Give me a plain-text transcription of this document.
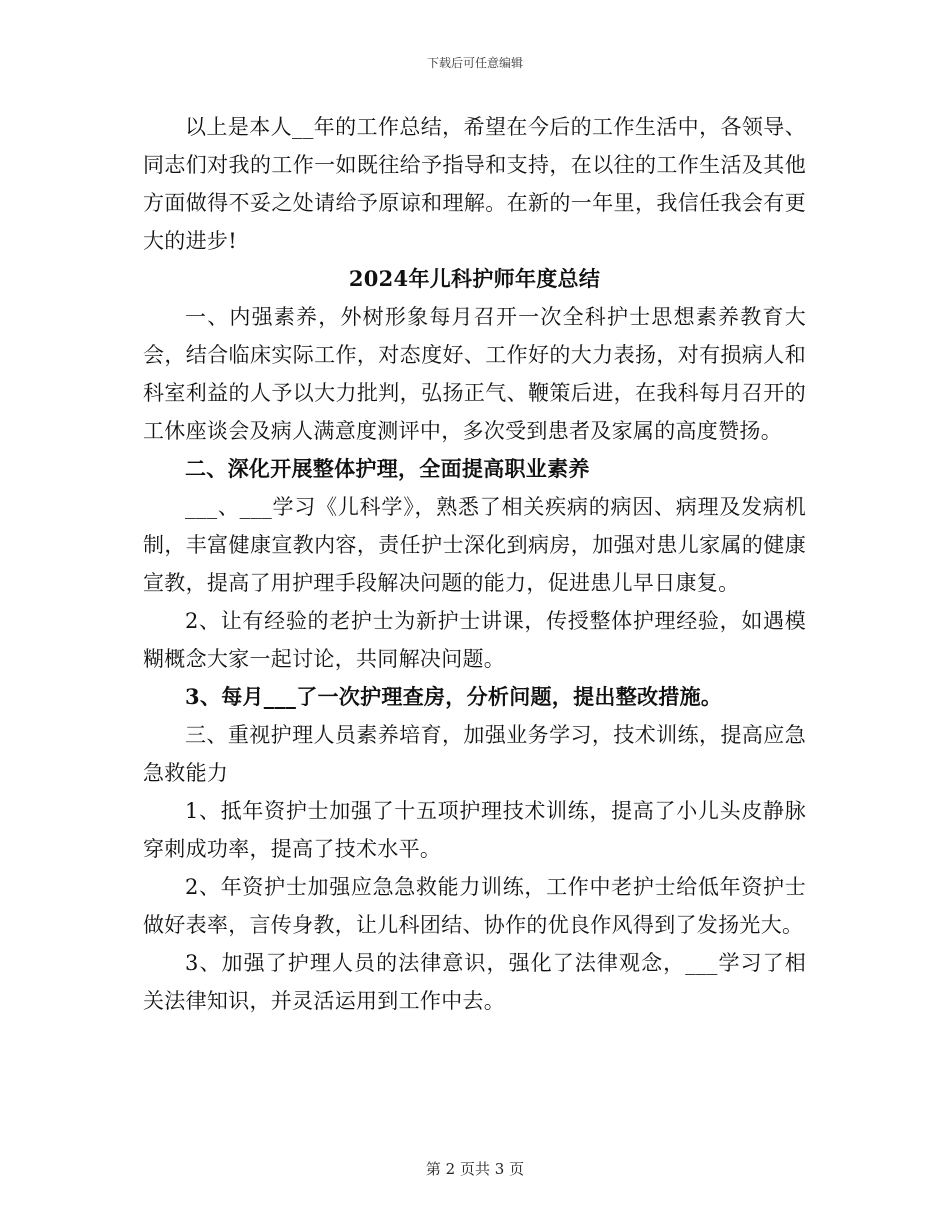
下载后可任意编辑

以上是本人__年的工作总结，希望在今后的工作生活中，各领导、同志们对我的工作一如既往给予指导和支持，在以往的工作生活及其他方面做得不妥之处请给予原谅和理解。在新的一年里，我信任我会有更大的进步!

2024年儿科护师年度总结

一、内强素养，外树形象每月召开一次全科护士思想素养教育大会，结合临床实际工作，对态度好、工作好的大力表扬，对有损病人和科室利益的人予以大力批判，弘扬正气、鞭策后进，在我科每月召开的工休座谈会及病人满意度测评中，多次受到患者及家属的高度赞扬。

二、深化开展整体护理，全面提高职业素养

___、___学习《儿科学》，熟悉了相关疾病的病因、病理及发病机制，丰富健康宣教内容，责任护士深化到病房，加强对患儿家属的健康宣教，提高了用护理手段解决问题的能力，促进患儿早日康复。

2、让有经验的老护士为新护士讲课，传授整体护理经验，如遇模糊概念大家一起讨论，共同解决问题。

3、每月___了一次护理查房，分析问题，提出整改措施。

三、重视护理人员素养培育，加强业务学习，技术训练，提高应急急救能力

1、抵年资护士加强了十五项护理技术训练，提高了小儿头皮静脉穿刺成功率，提高了技术水平。

2、年资护士加强应急急救能力训练，工作中老护士给低年资护士做好表率，言传身教，让儿科团结、协作的优良作风得到了发扬光大。

3、加强了护理人员的法律意识，强化了法律观念，___学习了相关法律知识，并灵活运用到工作中去。

第 2 页共 3 页
